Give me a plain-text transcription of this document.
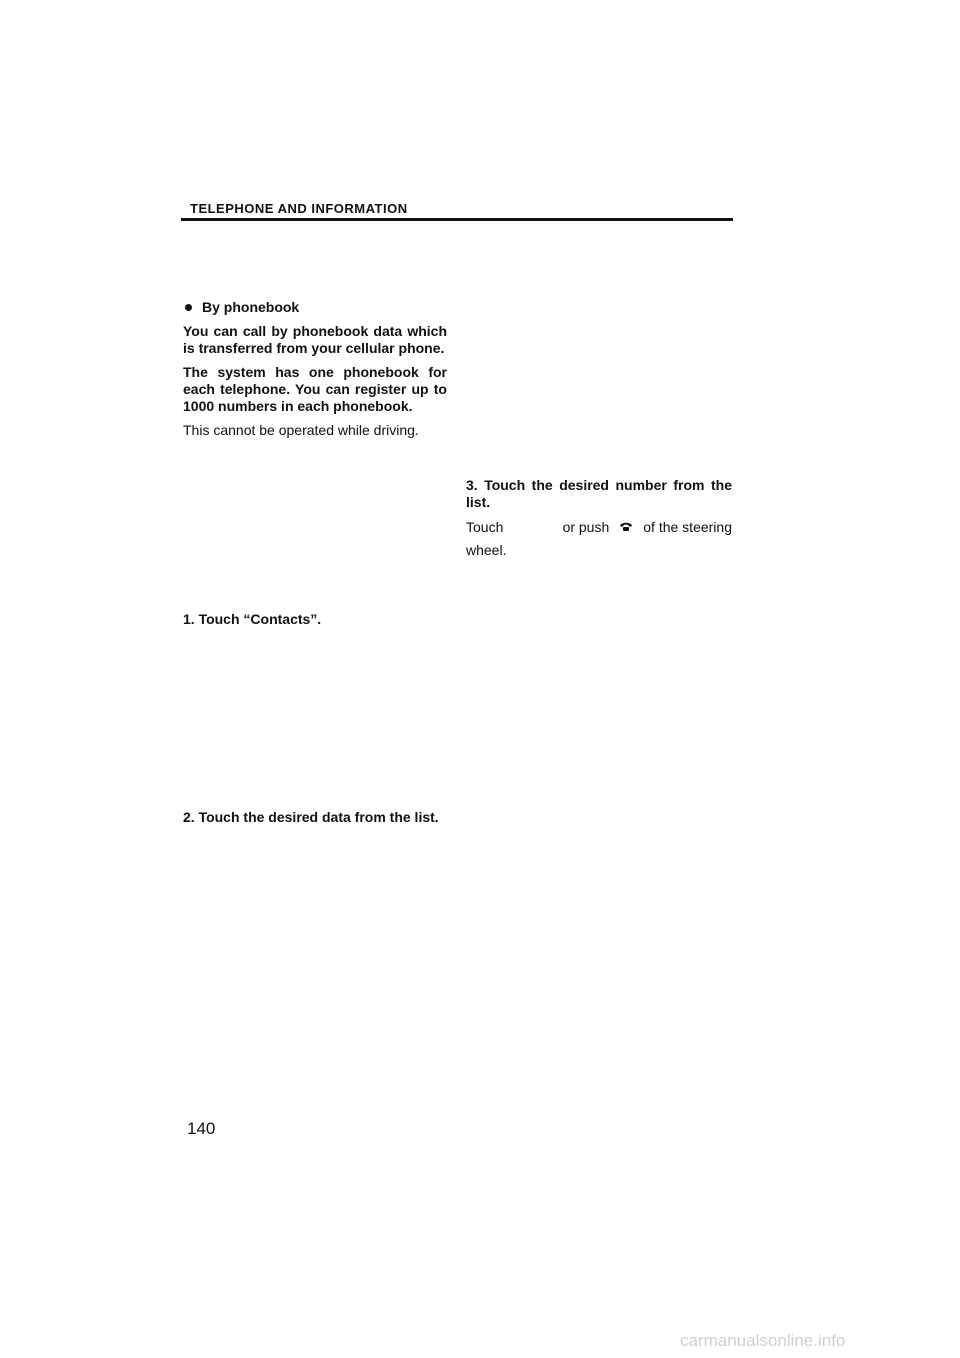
TELEPHONE AND INFORMATION
By phonebook

You can call by phonebook data which is transferred from your cellular phone.

The system has one phonebook for each telephone. You can register up to 1000 numbers in each phonebook.

This cannot be operated while driving.

1. Touch “Contacts”.
2. Touch the desired data from the list.
3. Touch the desired number from the list.
Touch	or push of the steering
wheel.
140
carmanualsonline.info
